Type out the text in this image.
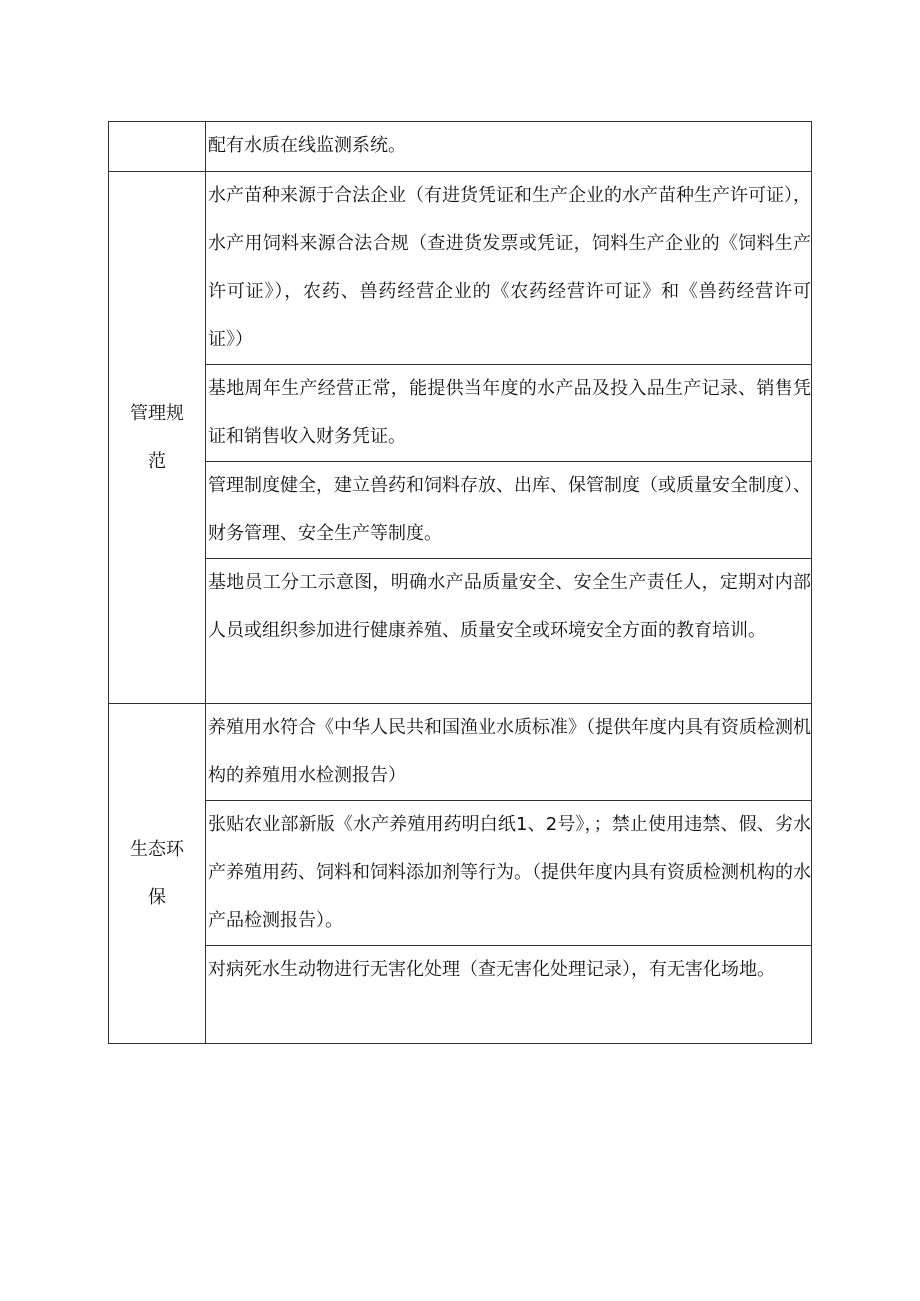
	配有水质在线监测系统。
管理规范	水产苗种来源于合法企业（有进货凭证和生产企业的水产苗种生产许可证），水产用饲料来源合法合规（查进货发票或凭证，饲料生产企业的《饲料生产许可证》），农药、兽药经营企业的《农药经营许可证》和《兽药经营许可证》）
	基地周年生产经营正常，能提供当年度的水产品及投入品生产记录、销售凭证和销售收入财务凭证。
	管理制度健全，建立兽药和饲料存放、出库、保管制度（或质量安全制度）、财务管理、安全生产等制度。
	基地员工分工示意图，明确水产品质量安全、安全生产责任人，定期对内部人员或组织参加进行健康养殖、质量安全或环境安全方面的教育培训。
生态环保	养殖用水符合《中华人民共和国渔业水质标准》（提供年度内具有资质检测机构的养殖用水检测报告）
	张贴农业部新版《水产养殖用药明白纸1、2号》，；禁止使用违禁、假、劣水产养殖用药、饲料和饲料添加剂等行为。（提供年度内具有资质检测机构的水产品检测报告）。
	对病死水生动物进行无害化处理（查无害化处理记录），有无害化场地。
